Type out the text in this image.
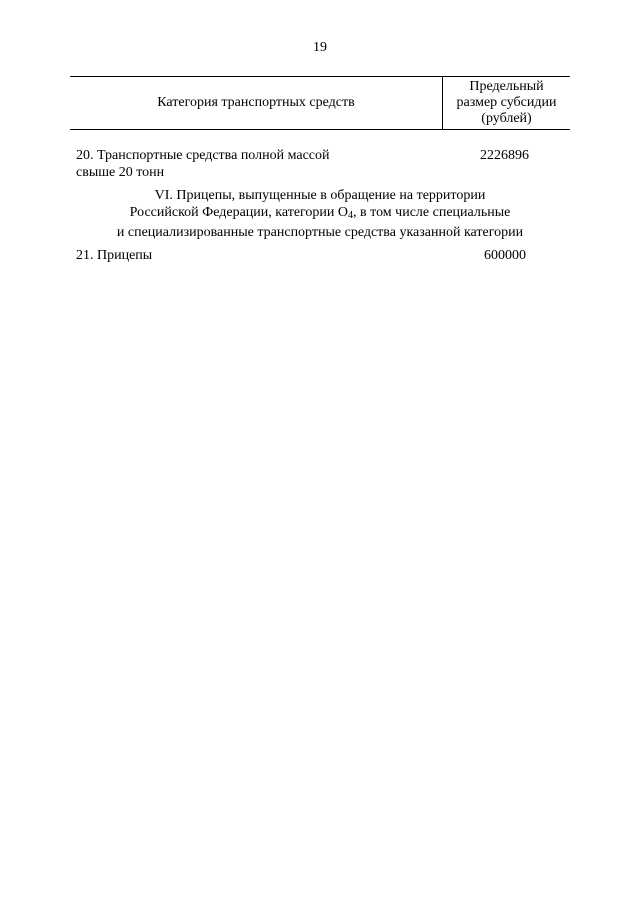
19
Категория транспортных средств
Предельный
размер субсидии
(рублей)
20. Транспортные средства полной массой
свыше 20 тонн
2226896
VI. Прицепы, выпущенные в обращение на территории
Российской Федерации, категории $O_4$, в том числе специальные
и специализированные транспортные средства указанной категории
21. Прицепы	600000
